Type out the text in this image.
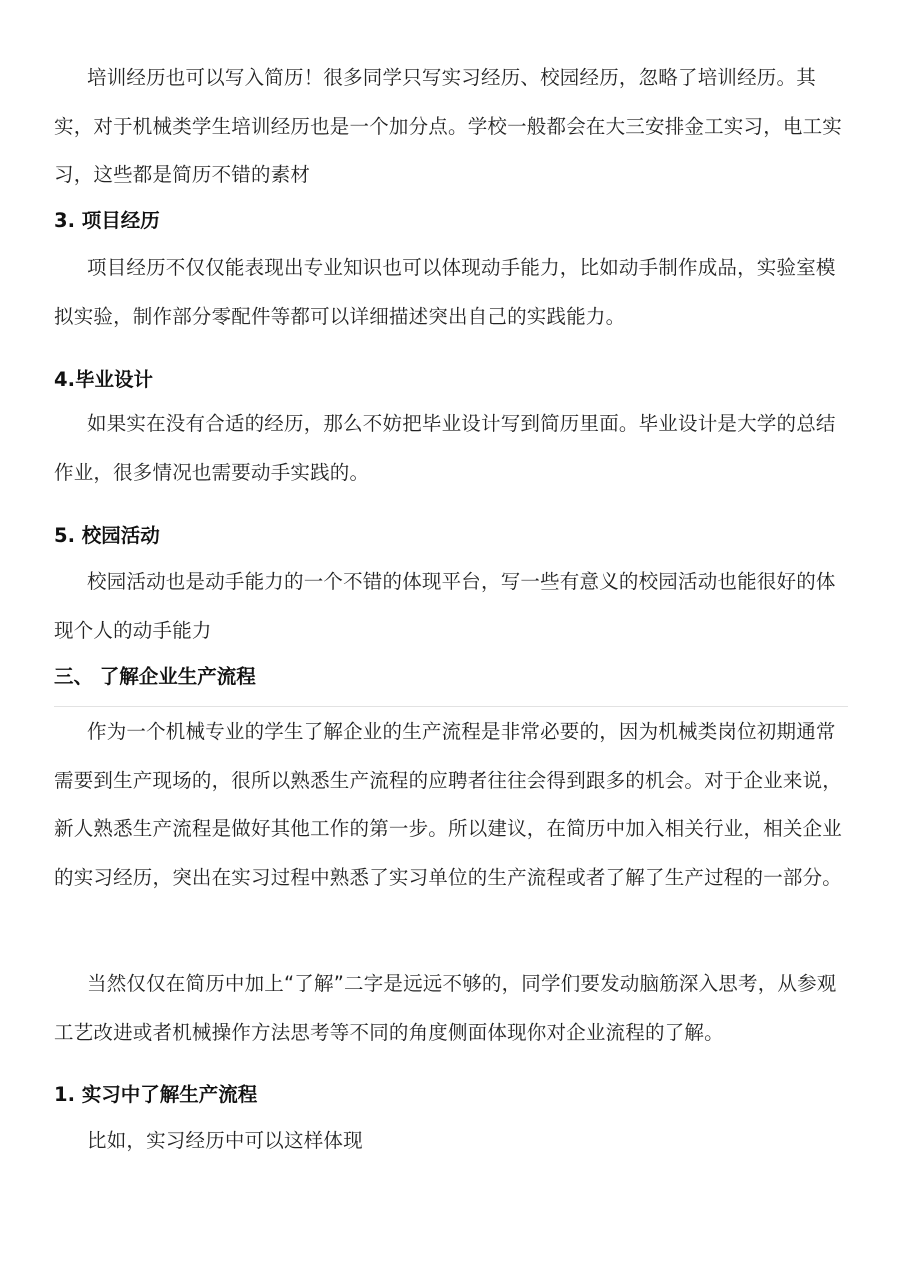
培训经历也可以写入简历！很多同学只写实习经历、校园经历，忽略了培训经历。其实，对于机械类学生培训经历也是一个加分点。学校一般都会在大三安排金工实习，电工实习，这些都是简历不错的素材

3. 项目经历

项目经历不仅仅能表现出专业知识也可以体现动手能力，比如动手制作成品，实验室模拟实验，制作部分零配件等都可以详细描述突出自己的实践能力。

4.毕业设计

如果实在没有合适的经历，那么不妨把毕业设计写到简历里面。毕业设计是大学的总结作业，很多情况也需要动手实践的。

5. 校园活动

校园活动也是动手能力的一个不错的体现平台，写一些有意义的校园活动也能很好的体现个人的动手能力

三、 了解企业生产流程

作为一个机械专业的学生了解企业的生产流程是非常必要的，因为机械类岗位初期通常需要到生产现场的，很所以熟悉生产流程的应聘者往往会得到跟多的机会。对于企业来说，新人熟悉生产流程是做好其他工作的第一步。所以建议，在简历中加入相关行业，相关企业的实习经历，突出在实习过程中熟悉了实习单位的生产流程或者了解了生产过程的一部分。

当然仅仅在简历中加上“了解”二字是远远不够的，同学们要发动脑筋深入思考，从参观工艺改进或者机械操作方法思考等不同的角度侧面体现你对企业流程的了解。

1. 实习中了解生产流程

比如，实习经历中可以这样体现
